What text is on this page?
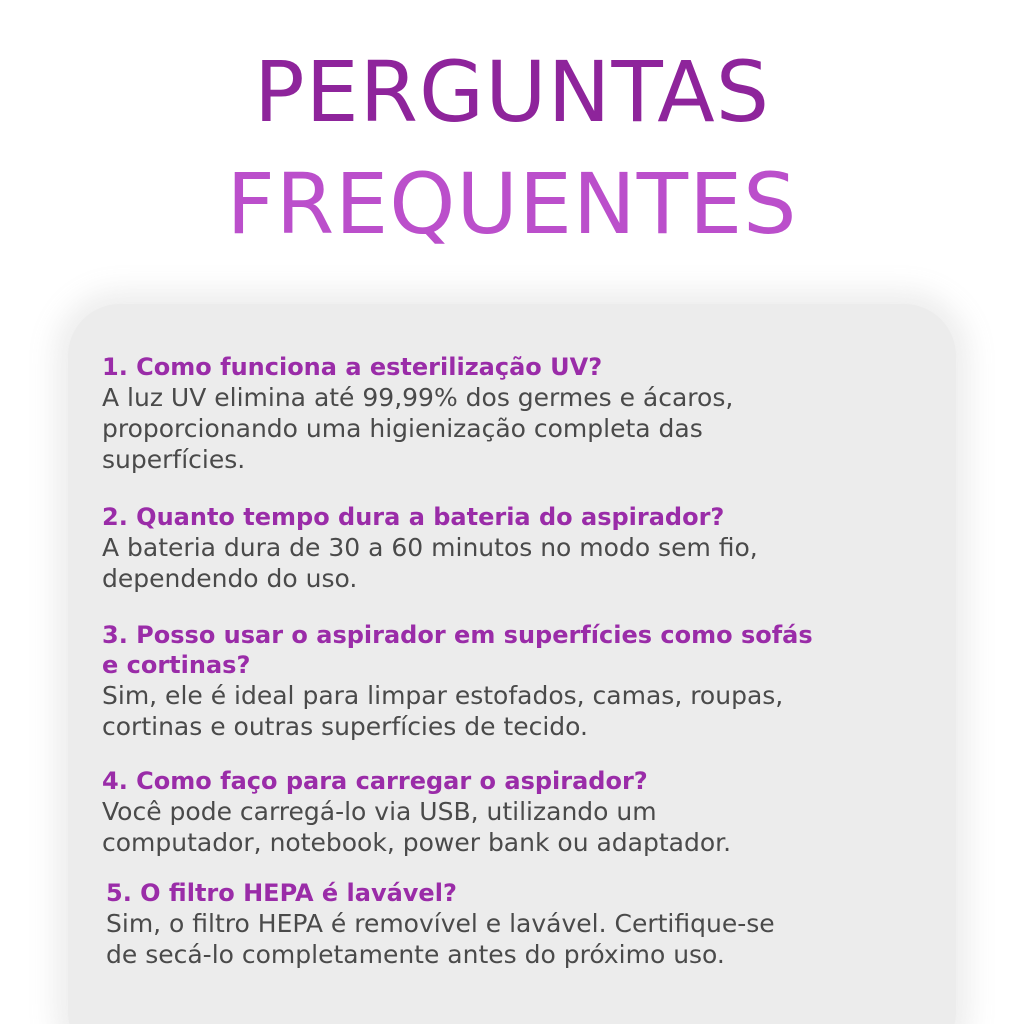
PERGUNTAS
FREQUENTES

1. Como funciona a esterilização UV?

A luz UV elimina até 99,99% dos germes e ácaros,

proporcionando uma higienização completa das

superfícies.

2. Quanto tempo dura a bateria do aspirador?

A bateria dura de 30 a 60 minutos no modo sem fio,

dependendo do uso.

3. Posso usar o aspirador em superfícies como sofás

e cortinas?

Sim, ele é ideal para limpar estofados, camas, roupas,

cortinas e outras superfícies de tecido.

4. Como faço para carregar o aspirador?

Você pode carregá-lo via USB, utilizando um

computador, notebook, power bank ou adaptador.

5. O filtro HEPA é lavável?

Sim, o filtro HEPA é removível e lavável. Certifique-se

de secá-lo completamente antes do próximo uso.
